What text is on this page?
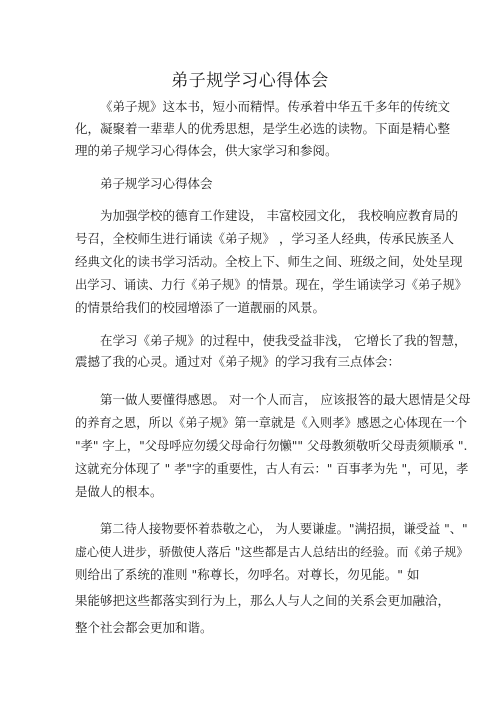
弟子规学习心得体会
《弟子规》这本书，短小而精悍。传承着中华五千多年的传统文
化，凝聚着一辈辈人的优秀思想，是学生必选的读物。下面是精心整
理的弟子规学习心得体会，供大家学习和参阅。
弟子规学习心得体会
为加强学校的德育工作建设， 丰富校园文化， 我校响应教育局的
号召，全校师生进行诵读《弟子规》 ，学习圣人经典，传承民族圣人
经典文化的读书学习活动。全校上下、师生之间、班级之间，处处呈现
出学习、诵读、力行《弟子规》的情景。现在，学生诵读学习《弟子规》
的情景给我们的校园增添了一道靓丽的风景。
在学习《弟子规》的过程中，使我受益非浅， 它增长了我的智慧，
震撼了我的心灵。通过对《弟子规》的学习我有三点体会：
第一做人要懂得感恩。 对一个人而言， 应该报答的最大恩情是父母
的养育之恩，所以《弟子规》第一章就是《入则孝》感恩之心体现在一个
"孝" 字上，"父母呼应勿缓父母命行勿懒"" 父母教须敬听父母责须顺承 ".
这就充分体现了 " 孝"字的重要性，古人有云：" 百事孝为先 "，可见，孝
是做人的根本。
第二待人接物要怀着恭敬之心， 为人要谦虚。"满招损，谦受益 "、"
虚心使人进步，骄傲使人落后 "这些都是古人总结出的经验。而《弟子规》
则给出了系统的准则 "称尊长，勿呼名。对尊长，勿见能。" 如
果能够把这些都落实到行为上，那么人与人之间的关系会更加融洽，
整个社会都会更加和谐。
